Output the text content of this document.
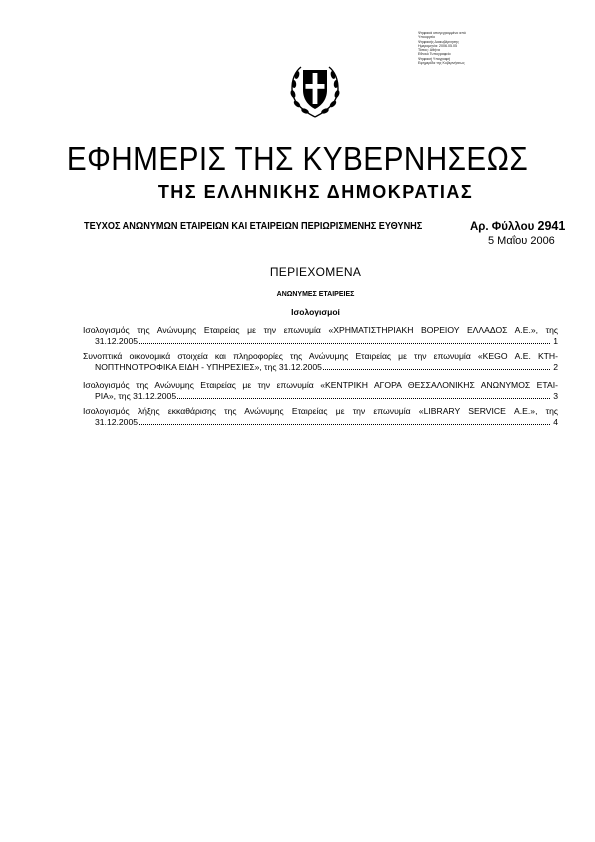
Ψηφιακά υπογεγραμμένο από
Υπουργείο
Ψηφιακής Διακυβέρνησης
Ημερομηνία: 2006.05.05
Τόπος: Αθήνα
Εθνικό Τυπογραφείο
Ψηφιακή Υπογραφή
Εφημερίδα της Κυβερνήσεως
ΕΦΗΜΕΡΙΣ ΤΗΣ ΚΥΒΕΡΝΗΣΕΩΣ
ΤΗΣ ΕΛΛΗΝΙΚΗΣ ΔΗΜΟΚΡΑΤΙΑΣ
ΤΕΥΧΟΣ ΑΝΩΝΥΜΩΝ ΕΤΑΙΡΕΙΩΝ ΚΑΙ ΕΤΑΙΡΕΙΩΝ ΠΕΡΙΩΡΙΣΜΕΝΗΣ ΕΥΘΥΝΗΣ	Αρ. Φύλλου 2941
5 Μαΐου 2006
ΠΕΡΙΕΧΟΜΕΝΑ
ΑΝΩΝΥΜΕΣ ΕΤΑΙΡΕΙΕΣ
Ισολογισμοί
Ισολογισμός της Ανώνυμης Εταιρείας με την επωνυμία «ΧΡΗΜΑΤΙΣΤΗΡΙΑΚΗ ΒΟΡΕΙΟΥ ΕΛΛΑΔΟΣ Α.Ε.», της
31.12.2005	1
Συνοπτικά οικονομικά στοιχεία και πληροφορίες της Ανώνυμης Εταιρείας με την επωνυμία «KEGO Α.Ε. ΚΤΗ-
ΝΟΠΤΗΝΟΤΡΟΦΙΚΑ ΕΙΔΗ - ΥΠΗΡΕΣΙΕΣ», της 31.12.2005	2
Ισολογισμός της Ανώνυμης Εταιρείας με την επωνυμία «ΚΕΝΤΡΙΚΗ ΑΓΟΡΑ ΘΕΣΣΑΛΟΝΙΚΗΣ ΑΝΩΝΥΜΟΣ ΕΤΑΙ-
ΡΙΑ», της 31.12.2005	3
Ισολογισμός λήξης εκκαθάρισης της Ανώνυμης Εταιρείας με την επωνυμία «LIBRARY SERVICE Α.Ε.», της
31.12.2005	4
